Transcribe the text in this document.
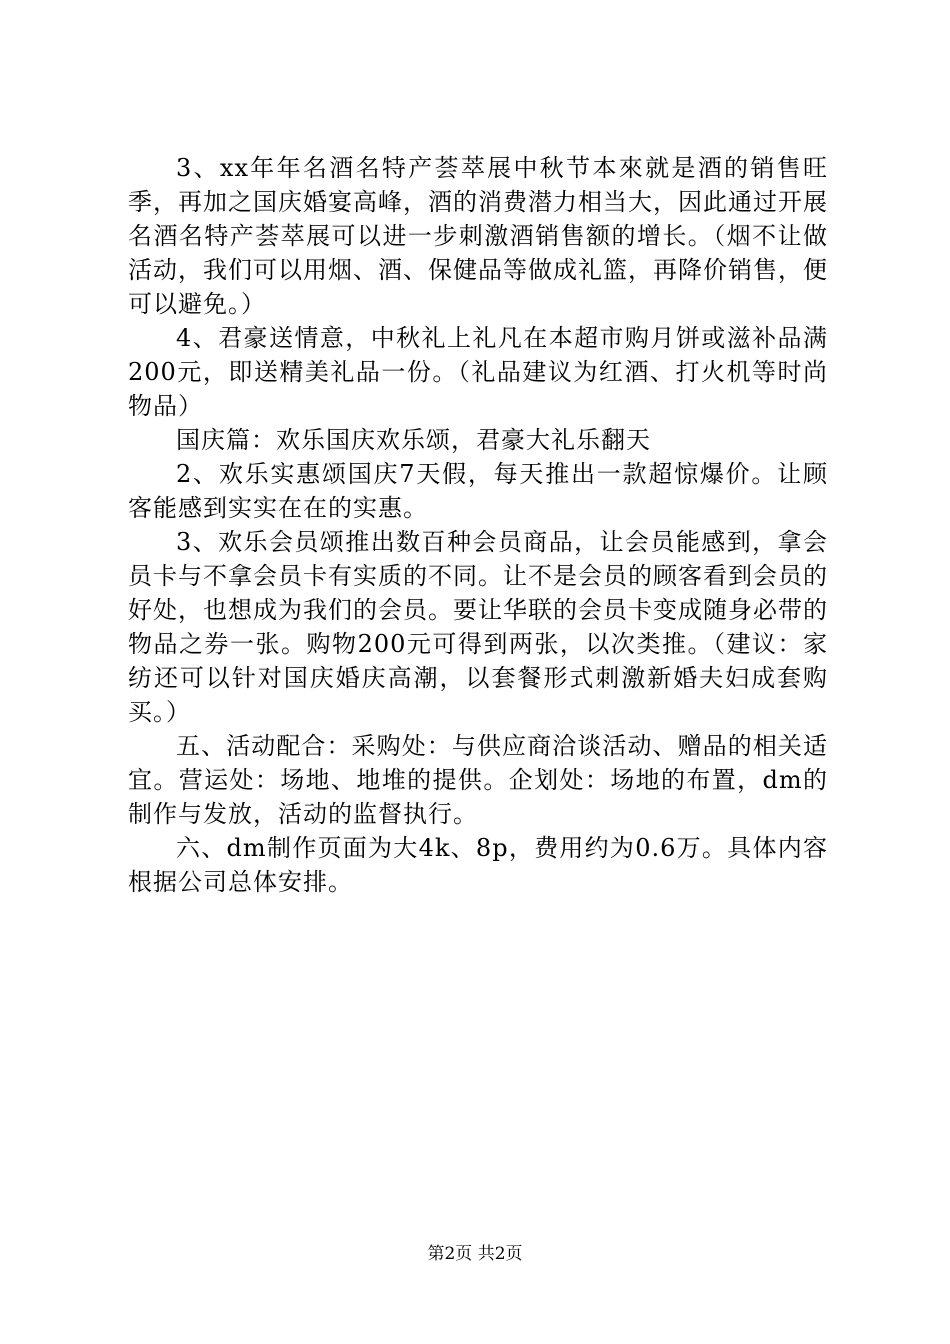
3、xx年年名酒名特产荟萃展中秋节本來就是酒的销售旺季，再加之国庆婚宴高峰，酒的消费潜力相当大，因此通过开展名酒名特产荟萃展可以进一步刺激酒销售额的增长。（烟不让做活动，我们可以用烟、酒、保健品等做成礼篮，再降价销售，便可以避免。）

4、君豪送情意，中秋礼上礼凡在本超市购月饼或滋补品满200元，即送精美礼品一份。（礼品建议为红酒、打火机等时尚物品）

国庆篇：欢乐国庆欢乐颂，君豪大礼乐翻天

2、欢乐实惠颂国庆7天假，每天推出一款超惊爆价。让顾客能感到实实在在的实惠。

3、欢乐会员颂推出数百种会员商品，让会员能感到，拿会员卡与不拿会员卡有实质的不同。让不是会员的顾客看到会员的好处，也想成为我们的会员。要让华联的会员卡变成随身必带的物品之券一张。购物200元可得到两张，以次类推。（建议：家纺还可以针对国庆婚庆高潮，以套餐形式刺激新婚夫妇成套购买。）

五、活动配合：采购处：与供应商洽谈活动、赠品的相关适宜。营运处：场地、地堆的提供。企划处：场地的布置，dm的制作与发放，活动的监督执行。

六、dm制作页面为大4k、8p，费用约为0.6万。具体内容根据公司总体安排。

第2页 共2页
